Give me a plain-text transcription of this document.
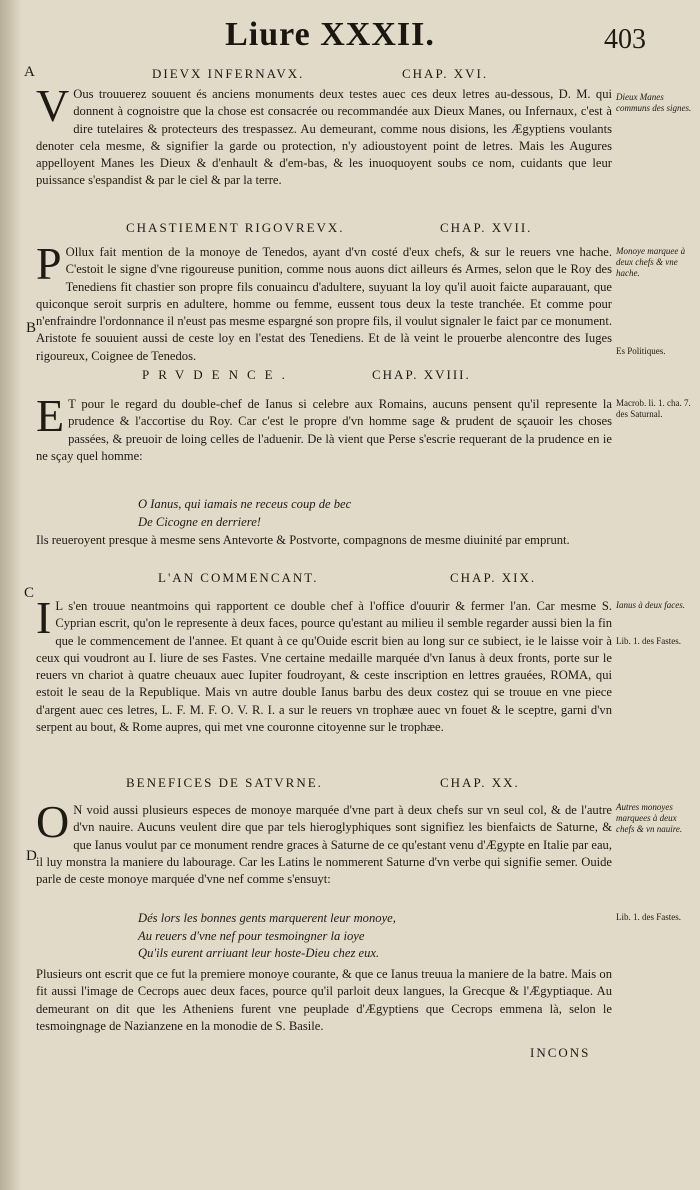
Liure XXXII.	403
A
B
C
D
DIEVX INFERNAVX.	CHAP. XVI.
V Ous trouuerez souuent és anciens monuments deux testes auec ces deux letres au-dessous, D. M. qui donnent à cognoistre que la chose est consacrée ou recommandée aux Dieux Manes, ou Infernaux, c'est à dire tutelaires & protecteurs des trespassez. Au demeurant, comme nous disions, les Ægyptiens voulants denoter cela mesme, & signifier la garde ou protection, n'y adioustoyent point de letres. Mais les Augures appelloyent Manes les Dieux & d'enhault & d'em-bas, & les inuoquoyent soubs ce nom, cuidants que leur puissance s'espandist & par le ciel & par la terre.
CHASTIEMENT RIGOVREVX.	CHAP. XVII.
P Ollux fait mention de la monoye de Tenedos, ayant d'vn costé d'eux chefs, & sur le reuers vne hache. C'estoit le signe d'vne rigoureuse punition, comme nous auons dict ailleurs és Armes, selon que le Roy des Tenediens fit chastier son propre fils conuaincu d'adultere, suyuant la loy qu'il auoit faicte auparauant, que quiconque seroit surpris en adultere, homme ou femme, eussent tous deux la teste tranchée. Et comme pour n'enfraindre l'ordonnance il n'eust pas mesme espargné son propre fils, il voulut signaler le faict par ce monument. Aristote fe souuient aussi de ceste loy en l'estat des Tenediens. Et de là veint le prouerbe alencontre des Iuges rigoureux, Coignee de Tenedos.
PRVDENCE.	CHAP. XVIII.
E T pour le regard du double-chef de Ianus si celebre aux Romains, aucuns pensent qu'il represente la prudence & l'accortise du Roy. Car c'est le propre d'vn homme sage & prudent de sçauoir les choses passées, & preuoir de loing celles de l'aduenir. De là vient que Perse s'escrie requerant de la prudence en ie ne sçay quel homme:
O Ianus, qui iamais ne receus coup de bec
De Cicogne en derriere!
Ils reueroyent presque à mesme sens Antevorte & Postvorte, compagnons de mesme diuinité par emprunt.
L'AN COMMENCANT.	CHAP. XIX.
I L s'en trouue neantmoins qui rapportent ce double chef à l'office d'ouurir & fermer l'an. Car mesme S. Cyprian escrit, qu'on le represente à deux faces, pource qu'estant au milieu il semble regarder aussi bien la fin que le commencement de l'annee. Et quant à ce qu'Ouide escrit bien au long sur ce subiect, ie le laisse voir à ceux qui voudront au I. liure de ses Fastes. Vne certaine medaille marquée d'vn Ianus à deux fronts, porte sur le reuers vn chariot à quatre cheuaux auec Iupiter foudroyant, & ceste inscription en lettres grauées, ROMA, qui estoit le seau de la Republique. Mais vn autre double Ianus barbu des deux costez qui se trouue en vne piece d'argent auec ces letres, L. F. M. F. O. V. R. I. a sur le reuers vn trophæe auec vn fouet & le sceptre, garni d'vn serpent au bout, & Rome aupres, qui met vne couronne citoyenne sur le trophæe.
BENEFICES DE SATVRNE.	CHAP. XX.
O N void aussi plusieurs especes de monoye marquée d'vne part à deux chefs sur vn seul col, & de l'autre d'vn nauire. Aucuns veulent dire que par tels hieroglyphiques sont signifiez les bienfaicts de Saturne, & que Ianus voulut par ce monument rendre graces à Saturne de ce qu'estant venu d'Ægypte en Italie par eau, il luy monstra la maniere du labourage. Car les Latins le nommerent Saturne d'vn verbe qui signifie semer. Ouide parle de ceste monoye marquée d'vne nef comme s'ensuyt:
Dés lors les bonnes gents marquerent leur monoye,
Au reuers d'vne nef pour tesmoingner la ioye
Qu'ils eurent arriuant leur hoste-Dieu chez eux.
Plusieurs ont escrit que ce fut la premiere monoye courante, & que ce Ianus treuua la maniere de la batre. Mais on fit aussi l'image de Cecrops auec deux faces, pource qu'il parloit deux langues, la Grecque & l'Ægyptiaque. Au demeurant on dit que les Atheniens furent vne peuplade d'Ægyptiens que Cecrops emmena là, selon le tesmoingnage de Nazianzene en la monodie de S. Basile.
Dieux Manes communs des signes.
Monoye marquee à deux chefs & vne hache.
Es Politiques.
Macrob. li. 1. cha. 7. des Saturnal.
Ianus à deux faces.
Lib. 1. des Fastes.
Autres monoyes marquees à deux chefs & vn nauire.
Lib. 1. des Fastes.
INCONS
